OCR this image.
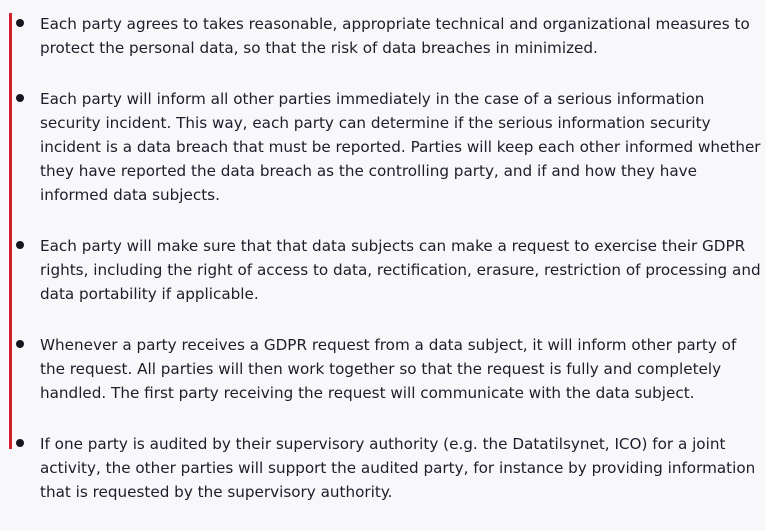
Each party agrees to takes reasonable, appropriate technical and organizational measures to protect the personal data, so that the risk of data breaches in minimized.
Each party will inform all other parties immediately in the case of a serious information security incident. This way, each party can determine if the serious information security incident is a data breach that must be reported. Parties will keep each other informed whether they have reported the data breach as the controlling party, and if and how they have informed data subjects.
Each party will make sure that that data subjects can make a request to exercise their GDPR rights, including the right of access to data, rectification, erasure, restriction of processing and data portability if applicable.
Whenever a party receives a GDPR request from a data subject, it will inform other party of the request. All parties will then work together so that the request is fully and completely handled. The first party receiving the request will communicate with the data subject.
If one party is audited by their supervisory authority (e.g. the Datatilsynet, ICO) for a joint activity, the other parties will support the audited party, for instance by providing information that is requested by the supervisory authority.
